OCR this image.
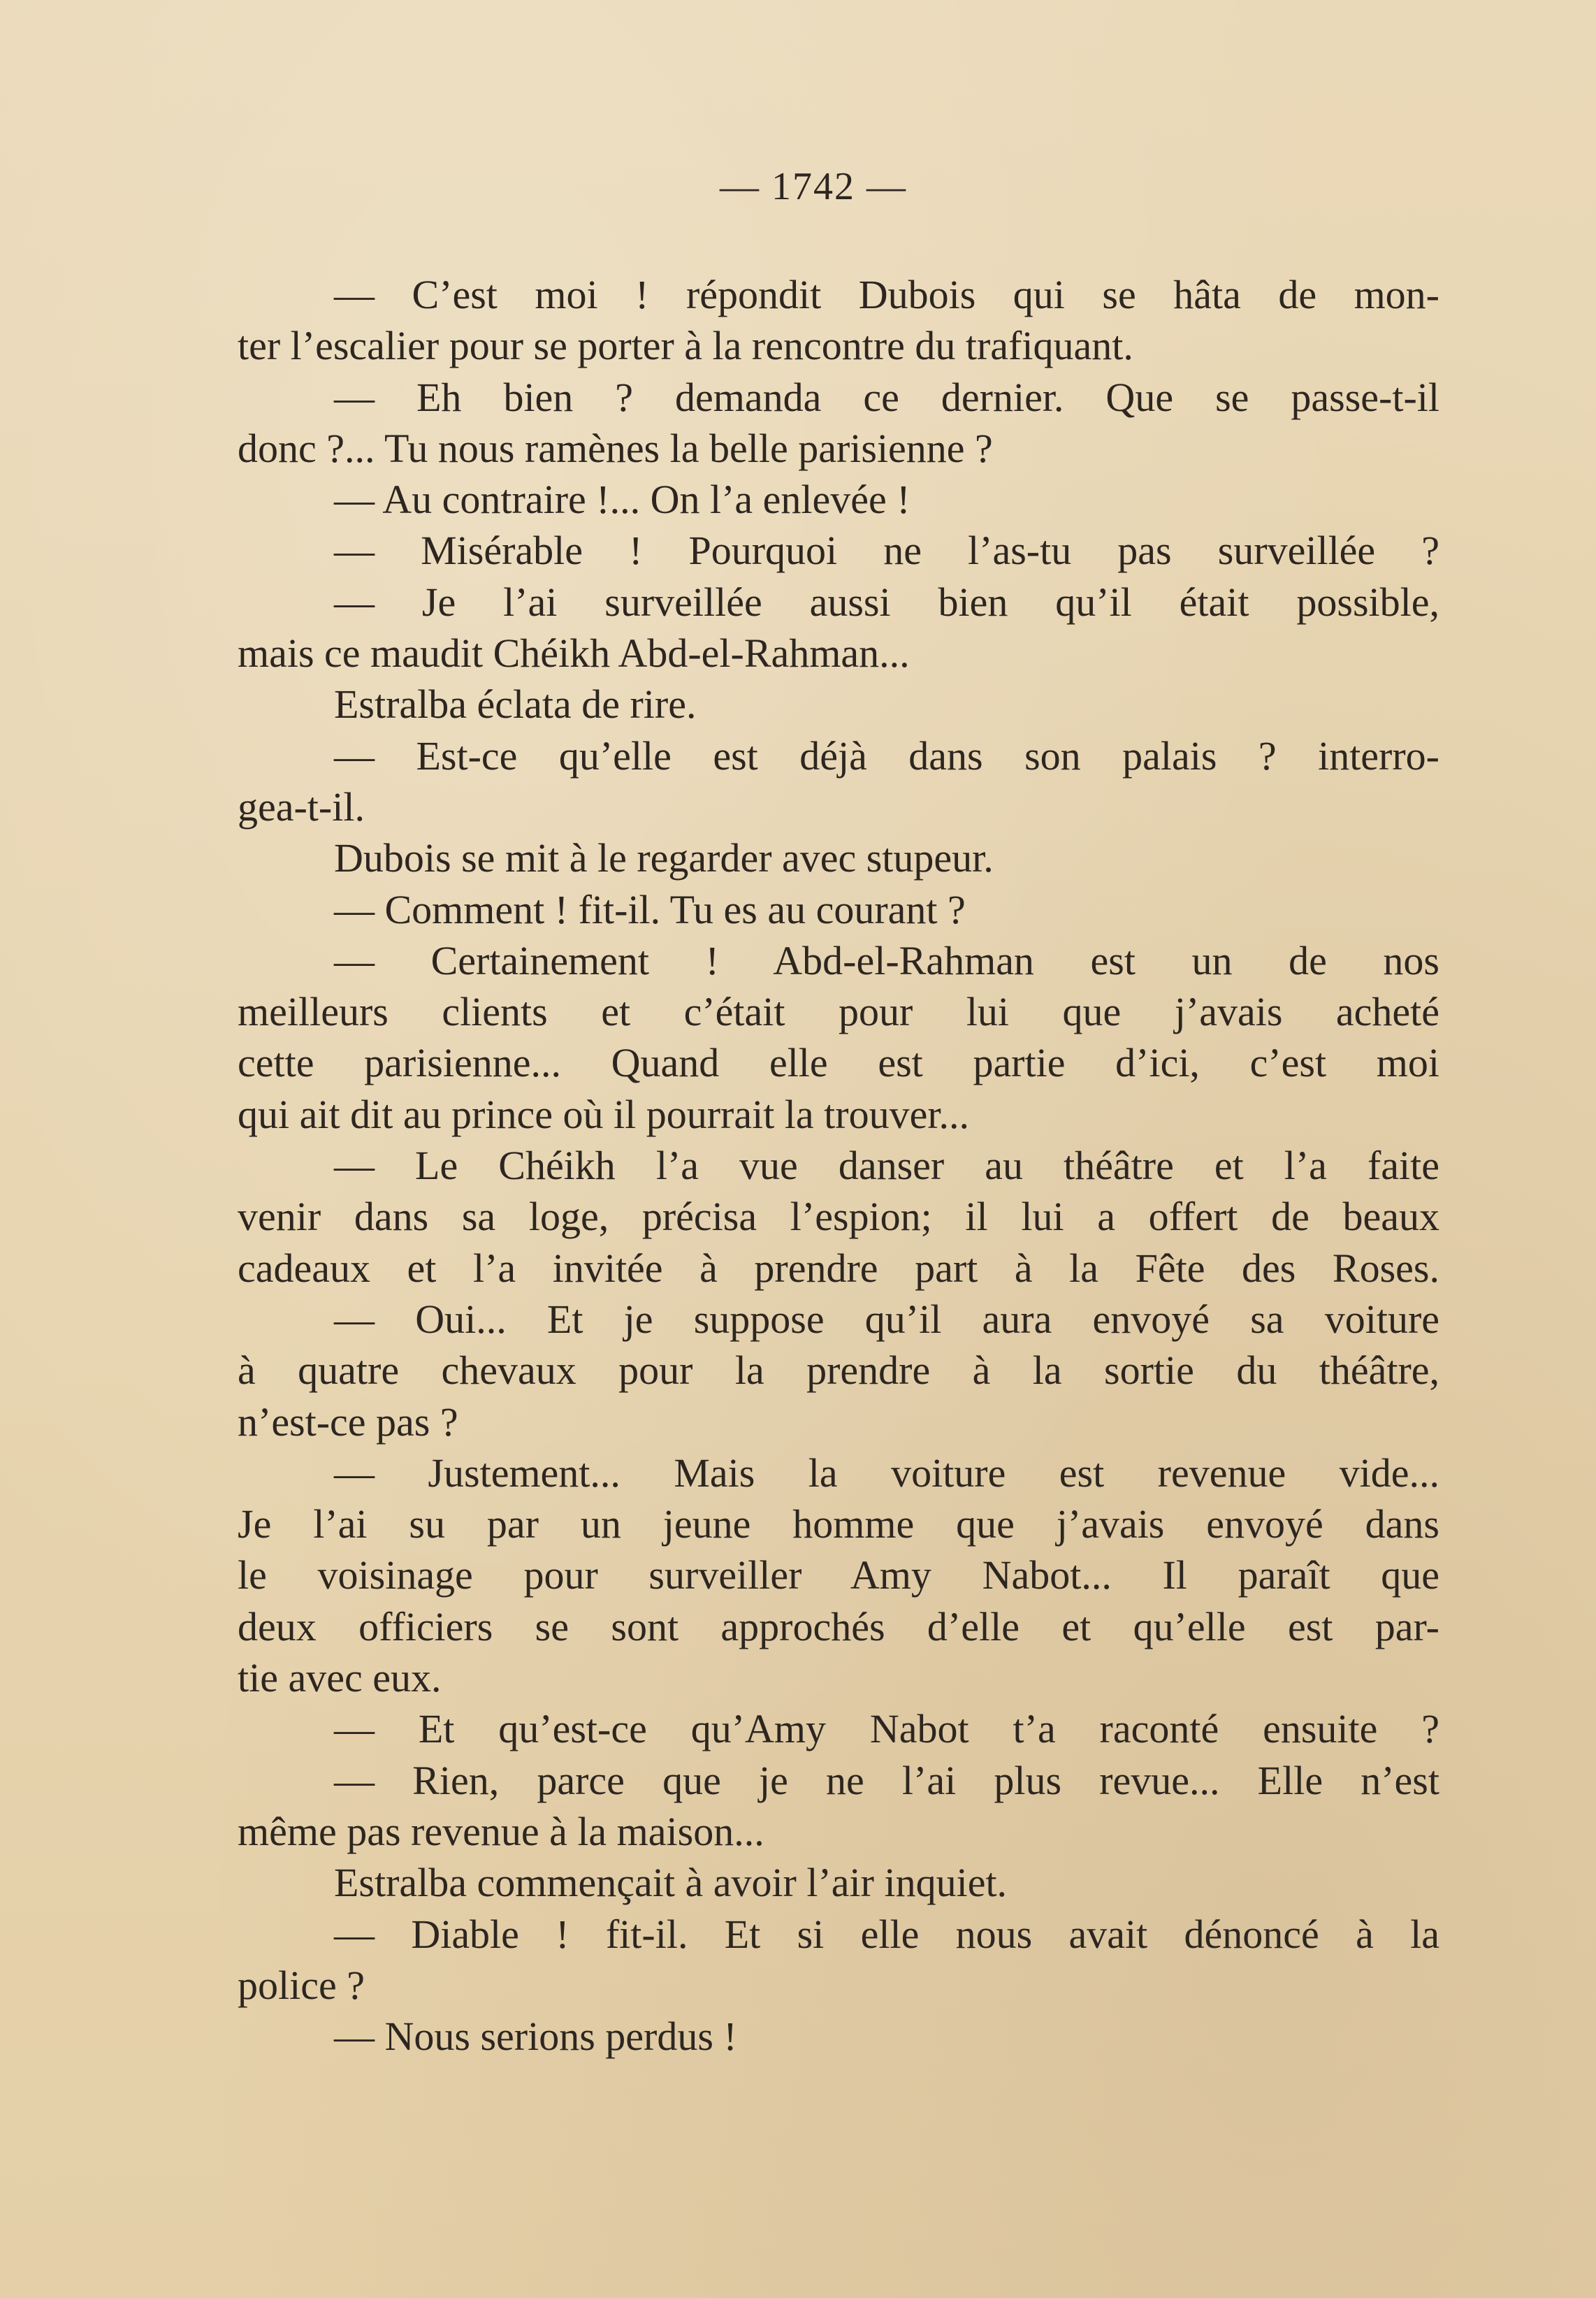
— 1742 —
— C’est moi ! répondit Dubois qui se hâta de mon-
ter l’escalier pour se porter à la rencontre du trafiquant.
— Eh bien ? demanda ce dernier. Que se passe-t-il
donc ?... Tu nous ramènes la belle parisienne ?
— Au contraire !... On l’a enlevée !
— Misérable ! Pourquoi ne l’as-tu pas surveillée ?
— Je l’ai surveillée aussi bien qu’il était possible,
mais ce maudit Chéikh Abd-el-Rahman...
Estralba éclata de rire.
— Est-ce qu’elle est déjà dans son palais ? interro-
gea-t-il.
Dubois se mit à le regarder avec stupeur.
— Comment ! fit-il. Tu es au courant ?
— Certainement ! Abd-el-Rahman est un de nos
meilleurs clients et c’était pour lui que j’avais acheté
cette parisienne... Quand elle est partie d’ici, c’est moi
qui ait dit au prince où il pourrait la trouver...
— Le Chéikh l’a vue danser au théâtre et l’a faite
venir dans sa loge, précisa l’espion; il lui a offert de beaux
cadeaux et l’a invitée à prendre part à la Fête des Roses.
— Oui... Et je suppose qu’il aura envoyé sa voiture
à quatre chevaux pour la prendre à la sortie du théâtre,
n’est-ce pas ?
— Justement... Mais la voiture est revenue vide...
Je l’ai su par un jeune homme que j’avais envoyé dans
le voisinage pour surveiller Amy Nabot... Il paraît que
deux officiers se sont approchés d’elle et qu’elle est par-
tie avec eux.
— Et qu’est-ce qu’Amy Nabot t’a raconté ensuite ?
— Rien, parce que je ne l’ai plus revue... Elle n’est
même pas revenue à la maison...
Estralba commençait à avoir l’air inquiet.
— Diable ! fit-il. Et si elle nous avait dénoncé à la
police ?
— Nous serions perdus !
